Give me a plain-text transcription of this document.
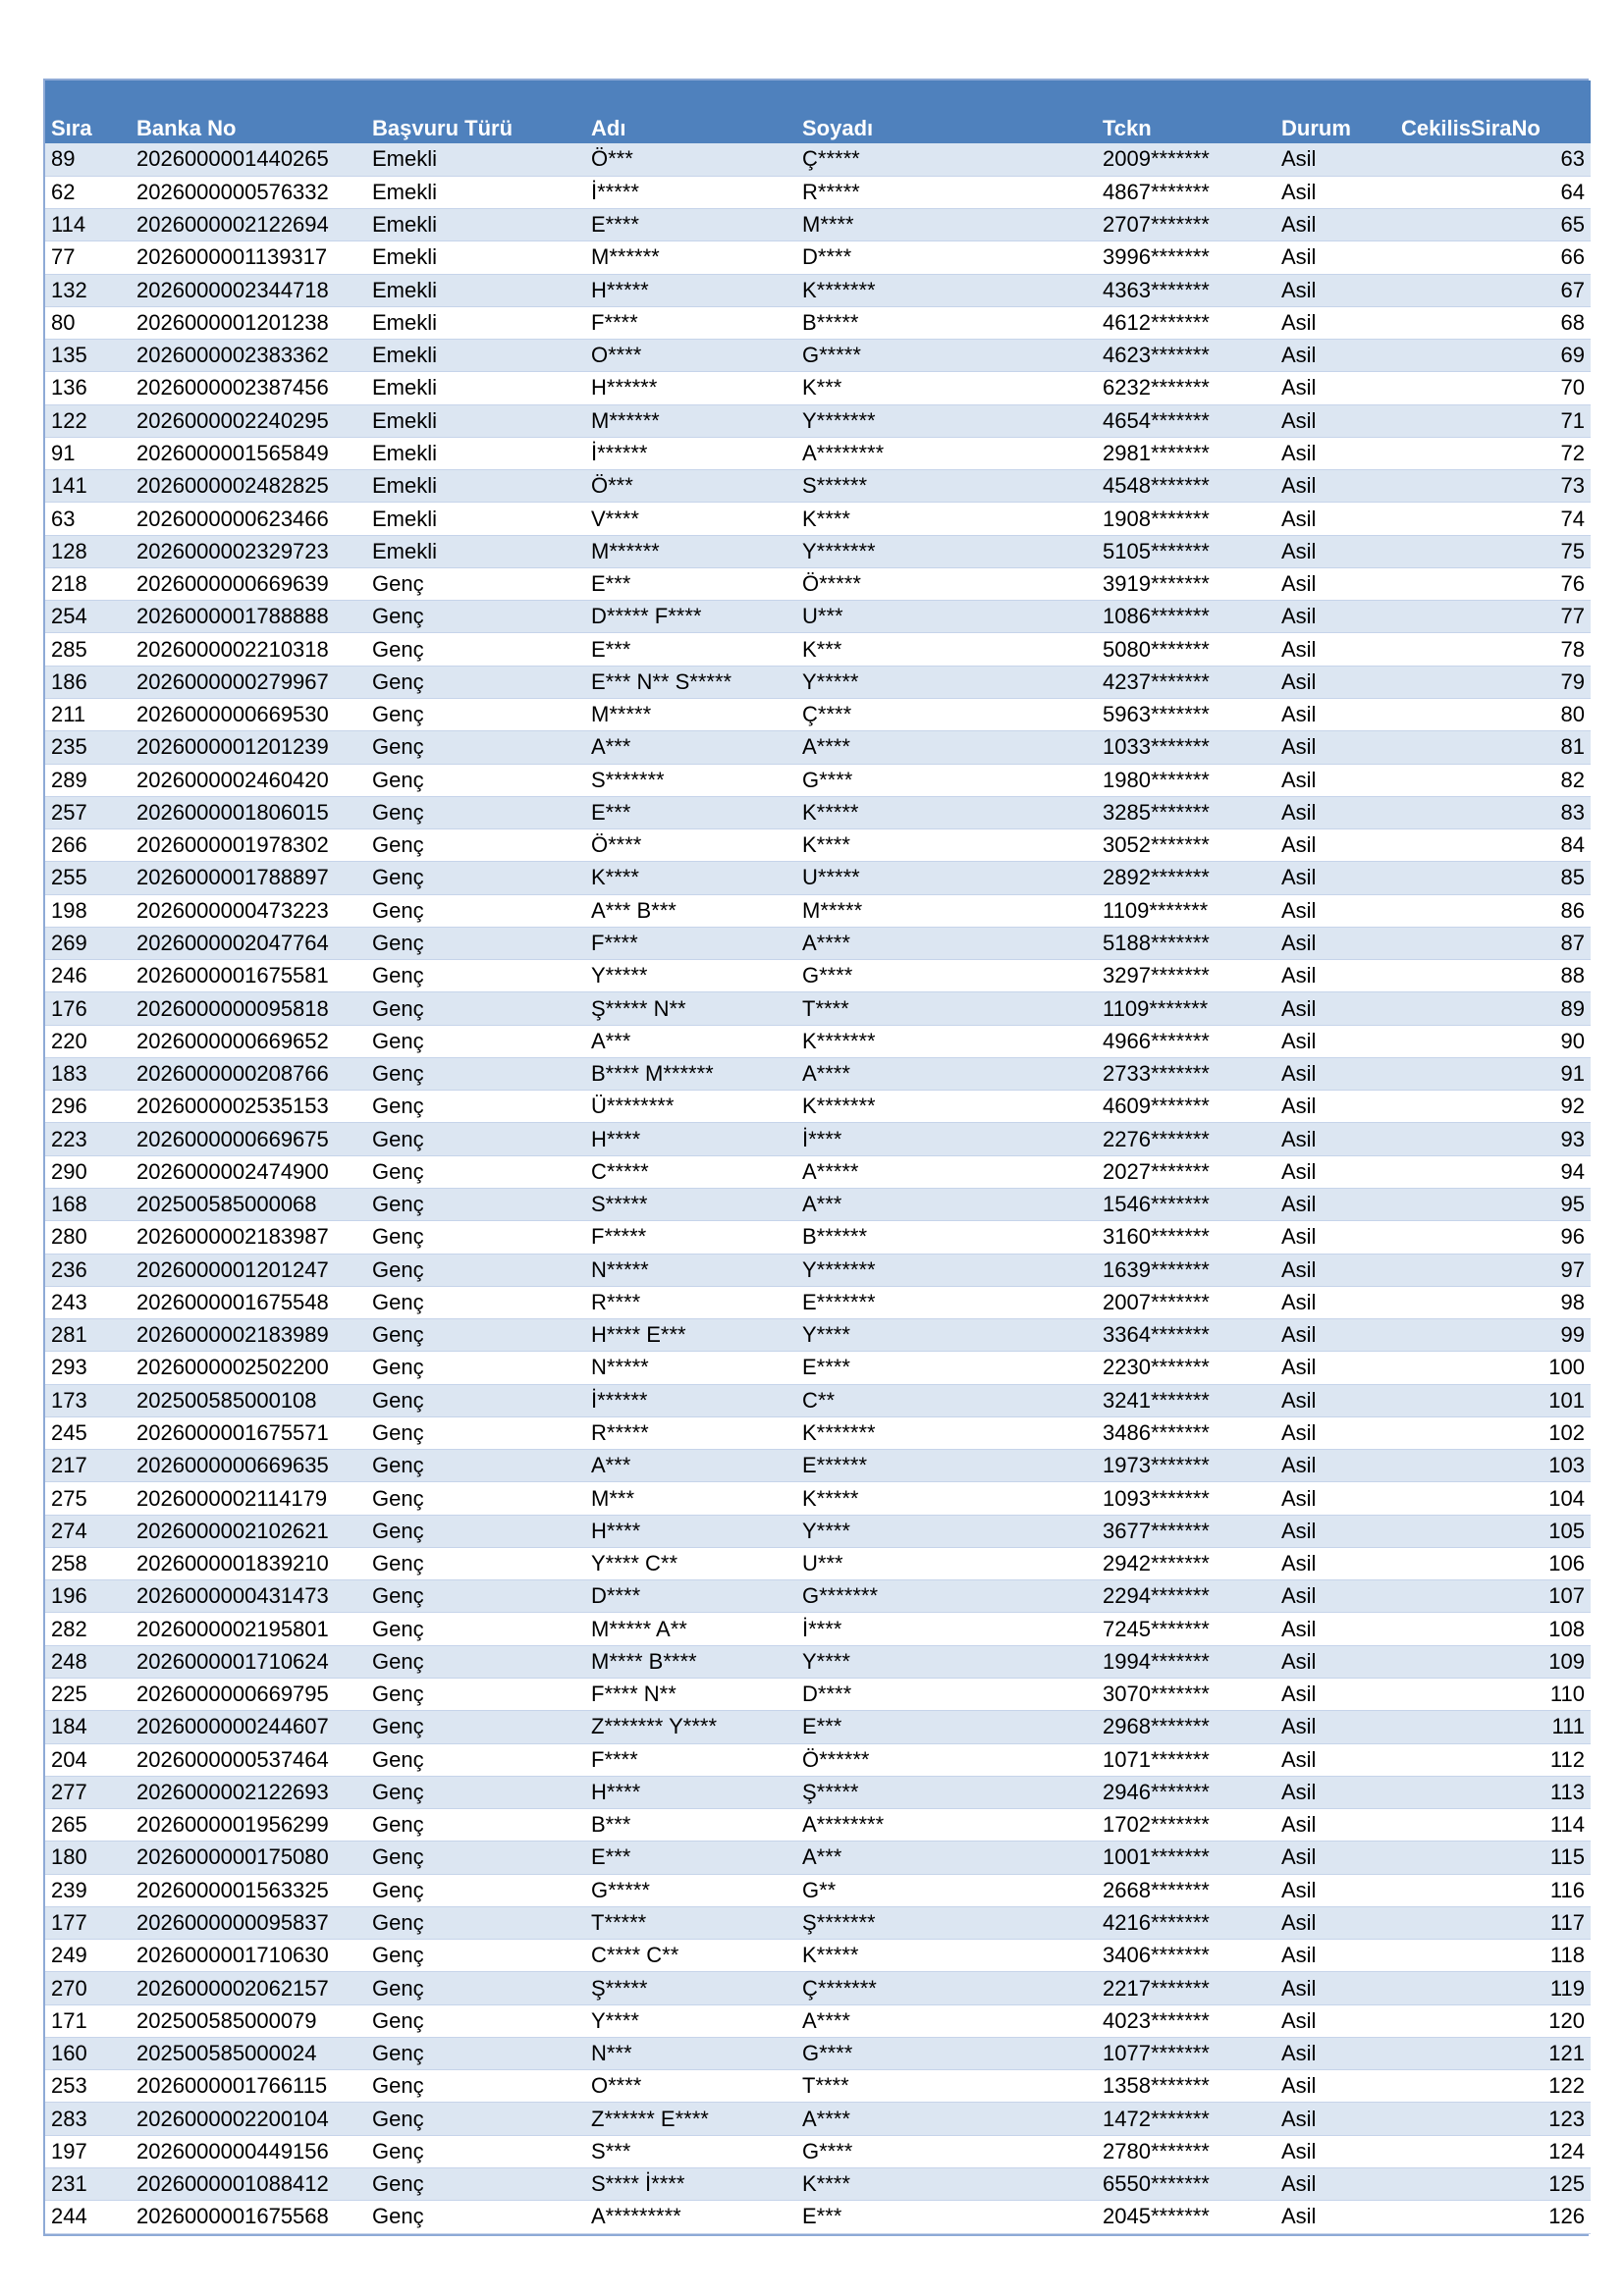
Sıra	Banka No	Başvuru Türü	Adı	Soyadı	Tckn	Durum	CekilisSiraNo
89	2026000001440265	Emekli	Ö***	Ç*****	2009*******	Asil	63
62	2026000000576332	Emekli	İ*****	R*****	4867*******	Asil	64
114	2026000002122694	Emekli	E****	M****	2707*******	Asil	65
77	2026000001139317	Emekli	M******	D****	3996*******	Asil	66
132	2026000002344718	Emekli	H*****	K*******	4363*******	Asil	67
80	2026000001201238	Emekli	F****	B*****	4612*******	Asil	68
135	2026000002383362	Emekli	O****	G*****	4623*******	Asil	69
136	2026000002387456	Emekli	H******	K***	6232*******	Asil	70
122	2026000002240295	Emekli	M******	Y*******	4654*******	Asil	71
91	2026000001565849	Emekli	İ******	A********	2981*******	Asil	72
141	2026000002482825	Emekli	Ö***	S******	4548*******	Asil	73
63	2026000000623466	Emekli	V****	K****	1908*******	Asil	74
128	2026000002329723	Emekli	M******	Y*******	5105*******	Asil	75
218	2026000000669639	Genç	E***	Ö*****	3919*******	Asil	76
254	2026000001788888	Genç	D***** F****	U***	1086*******	Asil	77
285	2026000002210318	Genç	E***	K***	5080*******	Asil	78
186	2026000000279967	Genç	E*** N** S*****	Y*****	4237*******	Asil	79
211	2026000000669530	Genç	M*****	Ç****	5963*******	Asil	80
235	2026000001201239	Genç	A***	A****	1033*******	Asil	81
289	2026000002460420	Genç	S*******	G****	1980*******	Asil	82
257	2026000001806015	Genç	E***	K*****	3285*******	Asil	83
266	2026000001978302	Genç	Ö****	K****	3052*******	Asil	84
255	2026000001788897	Genç	K****	U*****	2892*******	Asil	85
198	2026000000473223	Genç	A*** B***	M*****	1109*******	Asil	86
269	2026000002047764	Genç	F****	A****	5188*******	Asil	87
246	2026000001675581	Genç	Y*****	G****	3297*******	Asil	88
176	2026000000095818	Genç	Ş***** N**	T****	1109*******	Asil	89
220	2026000000669652	Genç	A***	K*******	4966*******	Asil	90
183	2026000000208766	Genç	B**** M******	A****	2733*******	Asil	91
296	2026000002535153	Genç	Ü********	K*******	4609*******	Asil	92
223	2026000000669675	Genç	H****	İ****	2276*******	Asil	93
290	2026000002474900	Genç	C*****	A*****	2027*******	Asil	94
168	202500585000068	Genç	S*****	A***	1546*******	Asil	95
280	2026000002183987	Genç	F*****	B******	3160*******	Asil	96
236	2026000001201247	Genç	N*****	Y*******	1639*******	Asil	97
243	2026000001675548	Genç	R****	E*******	2007*******	Asil	98
281	2026000002183989	Genç	H**** E***	Y****	3364*******	Asil	99
293	2026000002502200	Genç	N*****	E****	2230*******	Asil	100
173	202500585000108	Genç	İ******	C**	3241*******	Asil	101
245	2026000001675571	Genç	R*****	K*******	3486*******	Asil	102
217	2026000000669635	Genç	A***	E******	1973*******	Asil	103
275	2026000002114179	Genç	M***	K*****	1093*******	Asil	104
274	2026000002102621	Genç	H****	Y****	3677*******	Asil	105
258	2026000001839210	Genç	Y**** C**	U***	2942*******	Asil	106
196	2026000000431473	Genç	D****	G*******	2294*******	Asil	107
282	2026000002195801	Genç	M***** A**	İ****	7245*******	Asil	108
248	2026000001710624	Genç	M**** B****	Y****	1994*******	Asil	109
225	2026000000669795	Genç	F**** N**	D****	3070*******	Asil	110
184	2026000000244607	Genç	Z******* Y****	E***	2968*******	Asil	111
204	2026000000537464	Genç	F****	Ö******	1071*******	Asil	112
277	2026000002122693	Genç	H****	Ş*****	2946*******	Asil	113
265	2026000001956299	Genç	B***	A********	1702*******	Asil	114
180	2026000000175080	Genç	E***	A***	1001*******	Asil	115
239	2026000001563325	Genç	G*****	G**	2668*******	Asil	116
177	2026000000095837	Genç	T*****	Ş*******	4216*******	Asil	117
249	2026000001710630	Genç	C**** C**	K*****	3406*******	Asil	118
270	2026000002062157	Genç	Ş*****	Ç*******	2217*******	Asil	119
171	202500585000079	Genç	Y****	A****	4023*******	Asil	120
160	202500585000024	Genç	N***	G****	1077*******	Asil	121
253	2026000001766115	Genç	O****	T****	1358*******	Asil	122
283	2026000002200104	Genç	Z****** E****	A****	1472*******	Asil	123
197	2026000000449156	Genç	S***	G****	2780*******	Asil	124
231	2026000001088412	Genç	S**** İ****	K****	6550*******	Asil	125
244	2026000001675568	Genç	A*********	E***	2045*******	Asil	126
